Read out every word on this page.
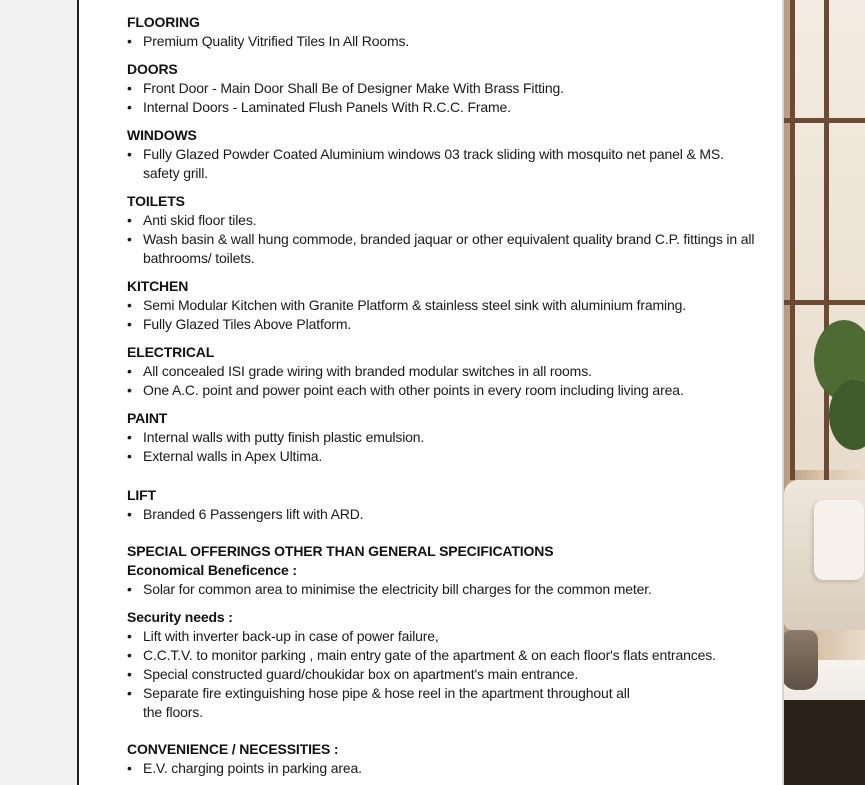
FLOORING
• Premium Quality Vitrified Tiles In All Rooms.
DOORS
• Front Door - Main Door Shall Be of Designer Make With Brass Fitting.
• Internal Doors - Laminated Flush Panels With R.C.C. Frame.
WINDOWS
• Fully Glazed Powder Coated Aluminium windows 03 track sliding with mosquito net panel & MS. safety grill.
TOILETS
• Anti skid floor tiles.
• Wash basin & wall hung commode, branded jaquar or other equivalent quality brand C.P. fittings in all bathrooms/ toilets.
KITCHEN
• Semi Modular Kitchen with Granite Platform & stainless steel sink with aluminium framing.
• Fully Glazed Tiles Above Platform.
ELECTRICAL
• All concealed ISI grade wiring with branded modular switches in all rooms.
• One A.C. point and power point each with other points in every room including living area.
PAINT
• Internal walls with putty finish plastic emulsion.
• External walls in Apex Ultima.
LIFT
• Branded 6 Passengers lift with ARD.
SPECIAL OFFERINGS OTHER THAN GENERAL SPECIFICATIONS
Economical Beneficence :
• Solar for common area to minimise the electricity bill charges for the common meter.
Security needs :
• Lift with inverter back-up in case of power failure,
• C.C.T.V. to monitor parking , main entry gate of the apartment & on each floor's flats entrances.
• Special constructed guard/choukidar box on apartment's main entrance.
• Separate fire extinguishing hose pipe & hose reel in the apartment throughout all the floors.
CONVENIENCE / NECESSITIES :
• E.V. charging points in parking area.
